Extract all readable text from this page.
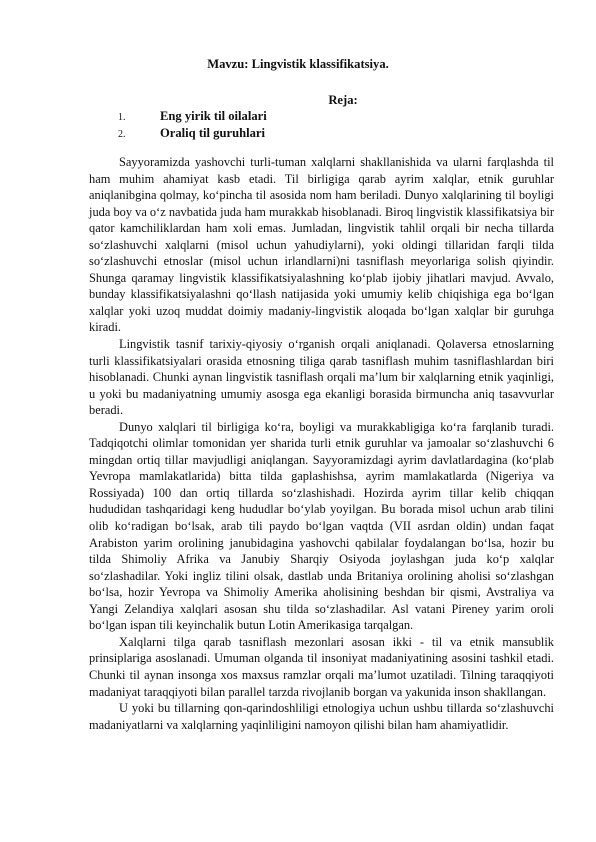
Mavzu: Lingvistik klassifikatsiya.
Reja:
1.	Eng yirik til oilalari
2.	Oraliq til guruhlari

Sayyoramizda yashovchi turli-tuman xalqlarni shakllanishida va ularni farqlashda til ham muhim ahamiyat kasb etadi. Til birligiga qarab ayrim xalqlar, etnik guruhlar aniqlanibgina qolmay, ko‘pincha til asosida nom ham beriladi. Dunyo xalqlarining til boyligi juda boy va o‘z navbatida juda ham murakkab hisoblanadi. Biroq lingvistik klassifikatsiya bir qator kamchiliklardan ham xoli emas. Jumladan, lingvistik tahlil orqali bir necha tillarda so‘zlashuvchi xalqlarni (misol uchun yahudiylarni), yoki oldingi tillaridan farqli tilda so‘zlashuvchi etnoslar (misol uchun irlandlarni)ni tasniflash meyorlariga solish qiyindir. Shunga qaramay lingvistik klassifikatsiyalashning ko‘plab ijobiy jihatlari mavjud. Avvalo, bunday klassifikatsiyalashni qo‘llash natijasida yoki umumiy kelib chiqishiga ega bo‘lgan xalqlar yoki uzoq muddat doimiy madaniy-lingvistik aloqada bo‘lgan xalqlar bir guruhga kiradi.

Lingvistik tasnif tarixiy-qiyosiy o‘rganish orqali aniqlanadi. Qolaversa etnoslarning turli klassifikatsiyalari orasida etnosning tiliga qarab tasniflash muhim tasniflashlardan biri hisoblanadi. Chunki aynan lingvistik tasniflash orqali ma’lum bir xalqlarning etnik yaqinligi, u yoki bu madaniyatning umumiy asosga ega ekanligi borasida birmuncha aniq tasavvurlar beradi.

Dunyo xalqlari til birligiga ko‘ra, boyligi va murakkabligiga ko‘ra farqlanib turadi. Tadqiqotchi olimlar tomonidan yer sharida turli etnik guruhlar va jamoalar so‘zlashuvchi 6 mingdan ortiq tillar mavjudligi aniqlangan. Sayyoramizdagi ayrim davlatlardagina (ko‘plab Yevropa mamlakatlarida) bitta tilda gaplashishsa, ayrim mamlakatlarda (Nigeriya va Rossiyada) 100 dan ortiq tillarda so‘zlashishadi. Hozirda ayrim tillar kelib chiqqan hududidan tashqaridagi keng hududlar bo‘ylab yoyilgan. Bu borada misol uchun arab tilini olib ko‘radigan bo‘lsak, arab tili paydo bo‘lgan vaqtda (VII asrdan oldin) undan faqat Arabiston yarim orolining janubidagina yashovchi qabilalar foydalangan bo‘lsa, hozir bu tilda Shimoliy Afrika va Janubiy Sharqiy Osiyoda joylashgan juda ko‘p xalqlar so‘zlashadilar. Yoki ingliz tilini olsak, dastlab unda Britaniya orolining aholisi so‘zlashgan bo‘lsa, hozir Yevropa va Shimoliy Amerika aholisining beshdan bir qismi, Avstraliya va Yangi Zelandiya xalqlari asosan shu tilda so‘zlashadilar. Asl vatani Pireney yarim oroli bo‘lgan ispan tili keyinchalik butun Lotin Amerikasiga tarqalgan.

Xalqlarni tilga qarab tasniflash mezonlari asosan ikki - til va etnik mansublik prinsiplariga asoslanadi. Umuman olganda til insoniyat madaniyatining asosini tashkil etadi. Chunki til aynan insonga xos maxsus ramzlar orqali ma’lumot uzatiladi. Tilning taraqqiyoti madaniyat taraqqiyoti bilan parallel tarzda rivojlanib borgan va yakunida inson shakllangan.

U yoki bu tillarning qon-qarindoshliligi etnologiya uchun ushbu tillarda so‘zlashuvchi madaniyatlarni va xalqlarning yaqinliligini namoyon qilishi bilan ham ahamiyatlidir.
